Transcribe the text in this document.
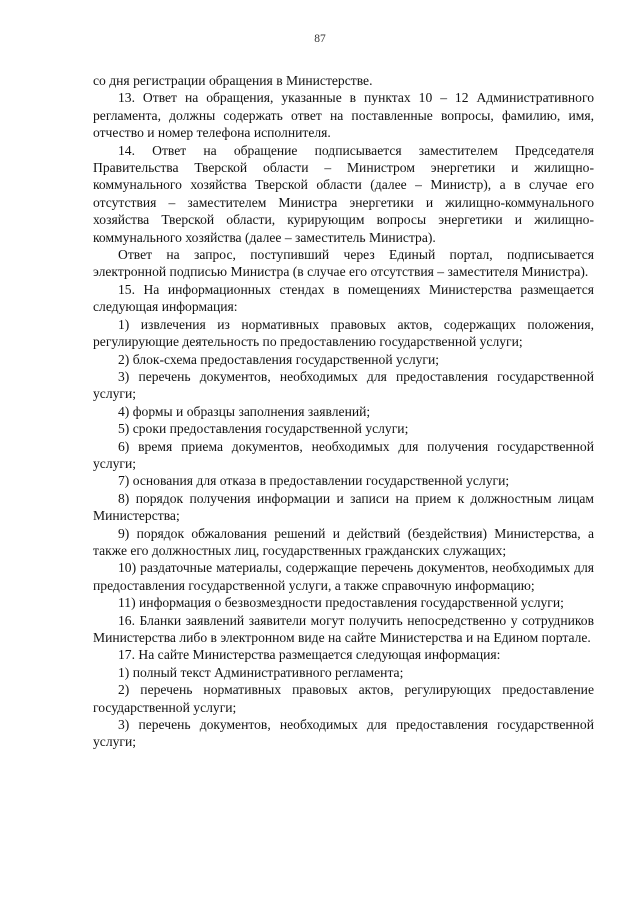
87

со дня регистрации обращения в Министерстве.

13. Ответ на обращения, указанные в пунктах 10 – 12 Административного регламента, должны содержать ответ на поставленные вопросы, фамилию, имя, отчество и номер телефона исполнителя.

14. Ответ на обращение подписывается заместителем Председателя Правительства Тверской области – Министром энергетики и жилищно-коммунального хозяйства Тверской области (далее – Министр), а в случае его отсутствия – заместителем Министра энергетики и жилищно-коммунального хозяйства Тверской области, курирующим вопросы энергетики и жилищно-коммунального хозяйства (далее – заместитель Министра).

Ответ на запрос, поступивший через Единый портал, подписывается электронной подписью Министра (в случае его отсутствия – заместителя Министра).

15. На информационных стендах в помещениях Министерства размещается следующая информация:

1) извлечения из нормативных правовых актов, содержащих положения, регулирующие деятельность по предоставлению государственной услуги;

2) блок-схема предоставления государственной услуги;

3) перечень документов, необходимых для предоставления государственной услуги;

4) формы и образцы заполнения заявлений;

5) сроки предоставления государственной услуги;

6) время приема документов, необходимых для получения государственной услуги;

7) основания для отказа в предоставлении государственной услуги;

8) порядок получения информации и записи на прием к должностным лицам Министерства;

9) порядок обжалования решений и действий (бездействия) Министерства, а также его должностных лиц, государственных гражданских служащих;

10) раздаточные материалы, содержащие перечень документов, необходимых для предоставления государственной услуги, а также справочную информацию;

11) информация о безвозмездности предоставления государственной услуги;

16. Бланки заявлений заявители могут получить непосредственно у сотрудников Министерства либо в электронном виде на сайте Министерства и на Едином портале.

17. На сайте Министерства размещается следующая информация:

1) полный текст Административного регламента;

2) перечень нормативных правовых актов, регулирующих предоставление государственной услуги;

3) перечень документов, необходимых для предоставления государственной услуги;
